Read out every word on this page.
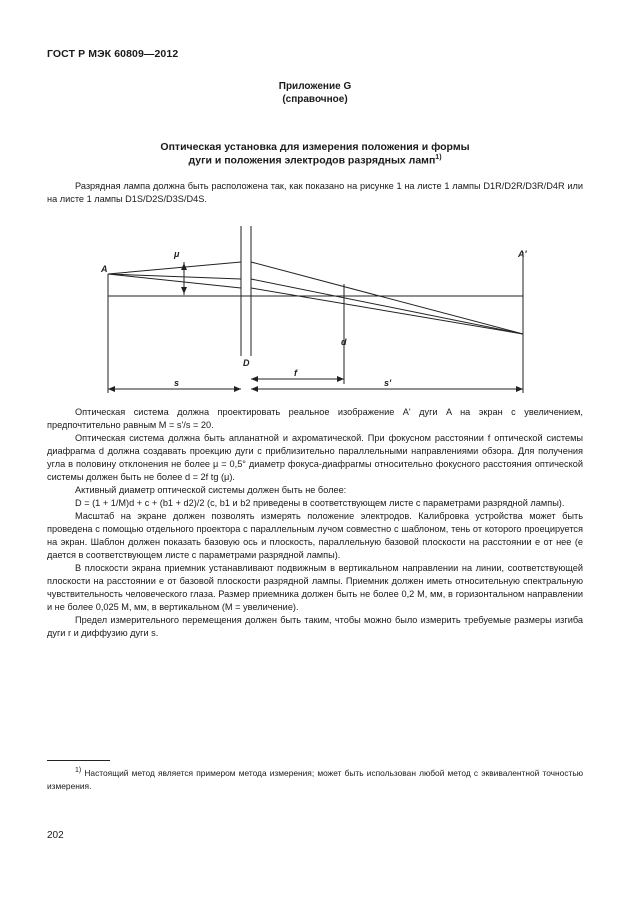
ГОСТ Р МЭК 60809—2012
Приложение G
(справочное)
Оптическая установка для измерения положения и формы
дуги и положения электродов разрядных ламп$^{1)}$

Разрядная лампа должна быть расположена так, как показано на рисунке 1 на листе 1 лампы D1R/D2R/D3R/D4R или на листе 1 лампы D1S/D2S/D3S/D4S.

A
A'
μ
D
d
f
s	s'

Оптическая система должна проектировать реальное изображение A' дуги A на экран с увеличением, предпочтительно равным M = s'/s = 20.

Оптическая система должна быть апланатной и ахроматической. При фокусном расстоянии f оптической системы диафрагма d должна создавать проекцию дуги с приблизительно параллельными направлениями обзора. Для получения угла в половину отклонения не более μ = 0,5° диаметр фокуса-диафрагмы относительно фокусного расстояния оптической системы должен быть не более d = 2f tg (μ).

Активный диаметр оптической системы должен быть не более:

D = (1 + 1/M)d + c + (b1 + d2)/2 (c, b1 и b2 приведены в соответствующем листе с параметрами разрядной лампы).

Масштаб на экране должен позволять измерять положение электродов. Калибровка устройства может быть проведена с помощью отдельного проектора с параллельным лучом совместно с шаблоном, тень от которого проецируется на экран. Шаблон должен показать базовую ось и плоскость, параллельную базовой плоскости на расстоянии e от нее (e дается в соответствующем листе с параметрами разрядной лампы).

В плоскости экрана приемник устанавливают подвижным в вертикальном направлении на линии, соответствующей плоскости на расстоянии e от базовой плоскости разрядной лампы. Приемник должен иметь относительную спектральную чувствительность человеческого глаза. Размер приемника должен быть не более 0,2 M, мм, в горизонтальном направлении и не более 0,025 M, мм, в вертикальном (M = увеличение).

Предел измерительного перемещения должен быть таким, чтобы можно было измерить требуемые размеры изгиба дуги r и диффузию дуги s.

$^{1)}$ Настоящий метод является примером метода измерения; может быть использован любой метод с эквивалентной точностью измерения.

202
